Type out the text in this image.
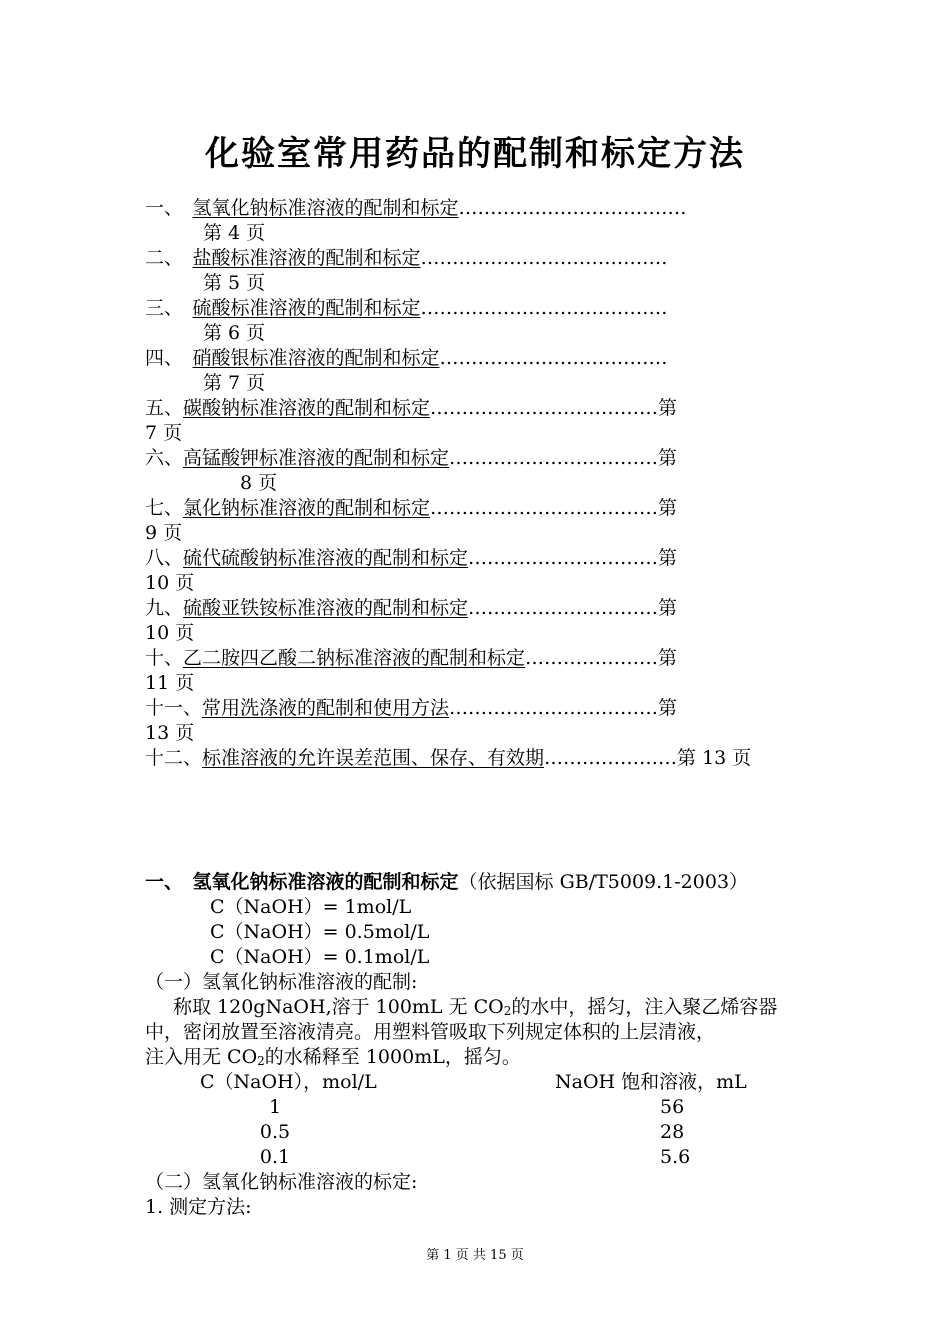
化验室常用药品的配制和标定方法
一、　氢氧化钠标准溶液的配制和标定………………………………
第 4 页
二、　盐酸标准溶液的配制和标定…………………………………
第 5 页
三、　硫酸标准溶液的配制和标定…………………………………
第 6 页
四、　硝酸银标准溶液的配制和标定………………………………
第 7 页
五、碳酸钠标准溶液的配制和标定………………………………第
7 页
六、高锰酸钾标准溶液的配制和标定……………………………第
8 页
七、氯化钠标准溶液的配制和标定………………………………第
9 页
八、硫代硫酸钠标准溶液的配制和标定…………………………第
10 页
九、硫酸亚铁铵标准溶液的配制和标定…………………………第
10 页
十、乙二胺四乙酸二钠标准溶液的配制和标定…………………第
11 页
十一、常用洗涤液的配制和使用方法……………………………第
13 页
十二、标准溶液的允许误差范围、保存、有效期…………………第 13 页
一、　氢氧化钠标准溶液的配制和标定（依据国标 GB/T5009.1-2003）
C（NaOH）= 1mol/L
C（NaOH）= 0.5mol/L
C（NaOH）= 0.1mol/L
（一）氢氧化钠标准溶液的配制:
称取 120gNaOH,溶于 100mL 无 $CO_2$的水中，摇匀，注入聚乙烯容器
中，密闭放置至溶液清亮。用塑料管吸取下列规定体积的上层清液，
注入用无 $CO_2$的水稀释至 1000mL，摇匀。
C（NaOH），mol/L	NaOH 饱和溶液，mL
1	56
0.5	28
0.1	5.6
（二）氢氧化钠标准溶液的标定:
1. 测定方法:
第 1 页 共 15 页
